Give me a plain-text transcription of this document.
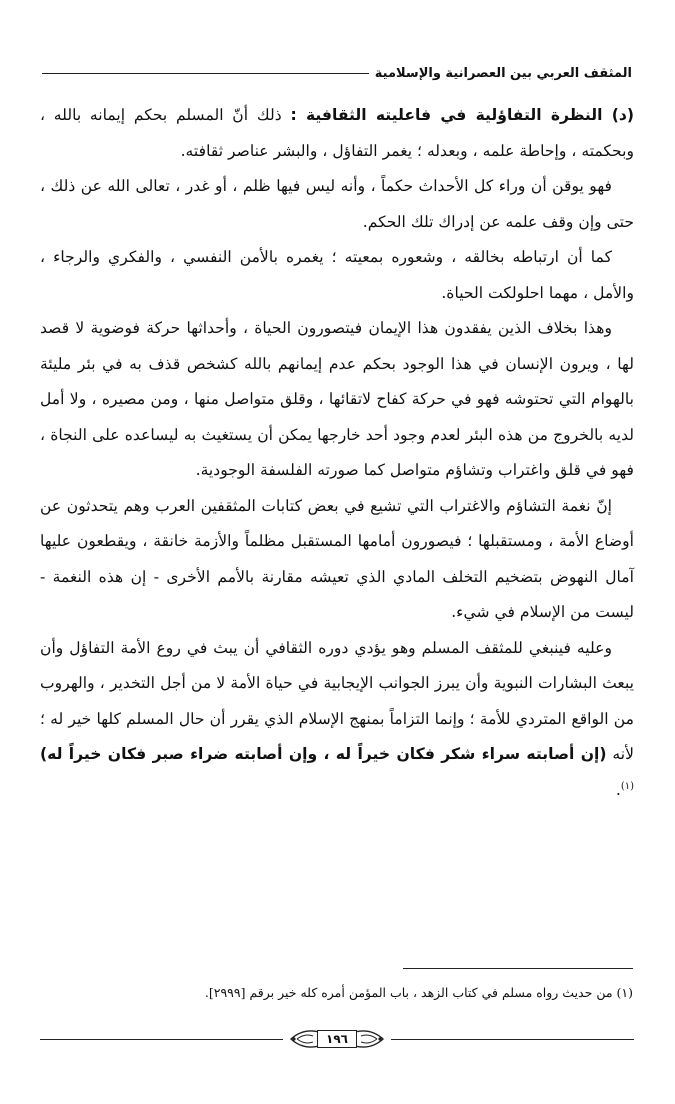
المثقف العربي بين العصرانية والإسلامية

(د) النظرة التفاؤلية في فاعليته الثقافية : ذلك أنّ المسلم بحكم إيمانه بالله ، وبحكمته ، وإحاطة علمه ، وبعدله ؛ يغمر التفاؤل ، والبشر عناصر ثقافته.

فهو يوقن أن وراء كل الأحداث حكماً ، وأنه ليس فيها ظلم ، أو غدر ، تعالى الله عن ذلك ، حتى وإن وقف علمه عن إدراك تلك الحكم.

كما أن ارتباطه بخالقه ، وشعوره بمعيته ؛ يغمره بالأمن النفسي ، والفكري والرجاء ، والأمل ، مهما احلولكت الحياة.

وهذا بخلاف الذين يفقدون هذا الإيمان فيتصورون الحياة ، وأحداثها حركة فوضوية لا قصد لها ، ويرون الإنسان في هذا الوجود بحكم عدم إيمانهم بالله كشخص قذف به في بئر مليئة بالهوام التي تحتوشه فهو في حركة كفاح لاتقائها ، وقلق متواصل منها ، ومن مصيره ، ولا أمل لديه بالخروج من هذه البئر لعدم وجود أحد خارجها يمكن أن يستغيث به ليساعده على النجاة ، فهو في قلق واغتراب وتشاؤم متواصل كما صورته الفلسفة الوجودية.

إنّ نغمة التشاؤم والاغتراب التي تشيع في بعض كتابات المثقفين العرب وهم يتحدثون عن أوضاع الأمة ، ومستقبلها ؛ فيصورون أمامها المستقبل مظلماً والأزمة خانقة ، ويقطعون عليها آمال النهوض بتضخيم التخلف المادي الذي تعيشه مقارنة بالأمم الأخرى - إن هذه النغمة - ليست من الإسلام في شيء.

وعليه فينبغي للمثقف المسلم وهو يؤدي دوره الثقافي أن يبث في روع الأمة التفاؤل وأن يبعث البشارات النبوية وأن يبرز الجوانب الإيجابية في حياة الأمة لا من أجل التخدير ، والهروب من الواقع المتردي للأمة ؛ وإنما التزاماً بمنهج الإسلام الذي يقرر أن حال المسلم كلها خير له ؛ لأنه (إن أصابته سراء شكر فكان خيراً له ، وإن أصابته ضراء صبر فكان خيراً له)$^{(١)}$.

(١) من حديث رواه مسلم في كتاب الزهد ، باب المؤمن أمره كله خير برقم [٢٩٩٩].
١٩٦
